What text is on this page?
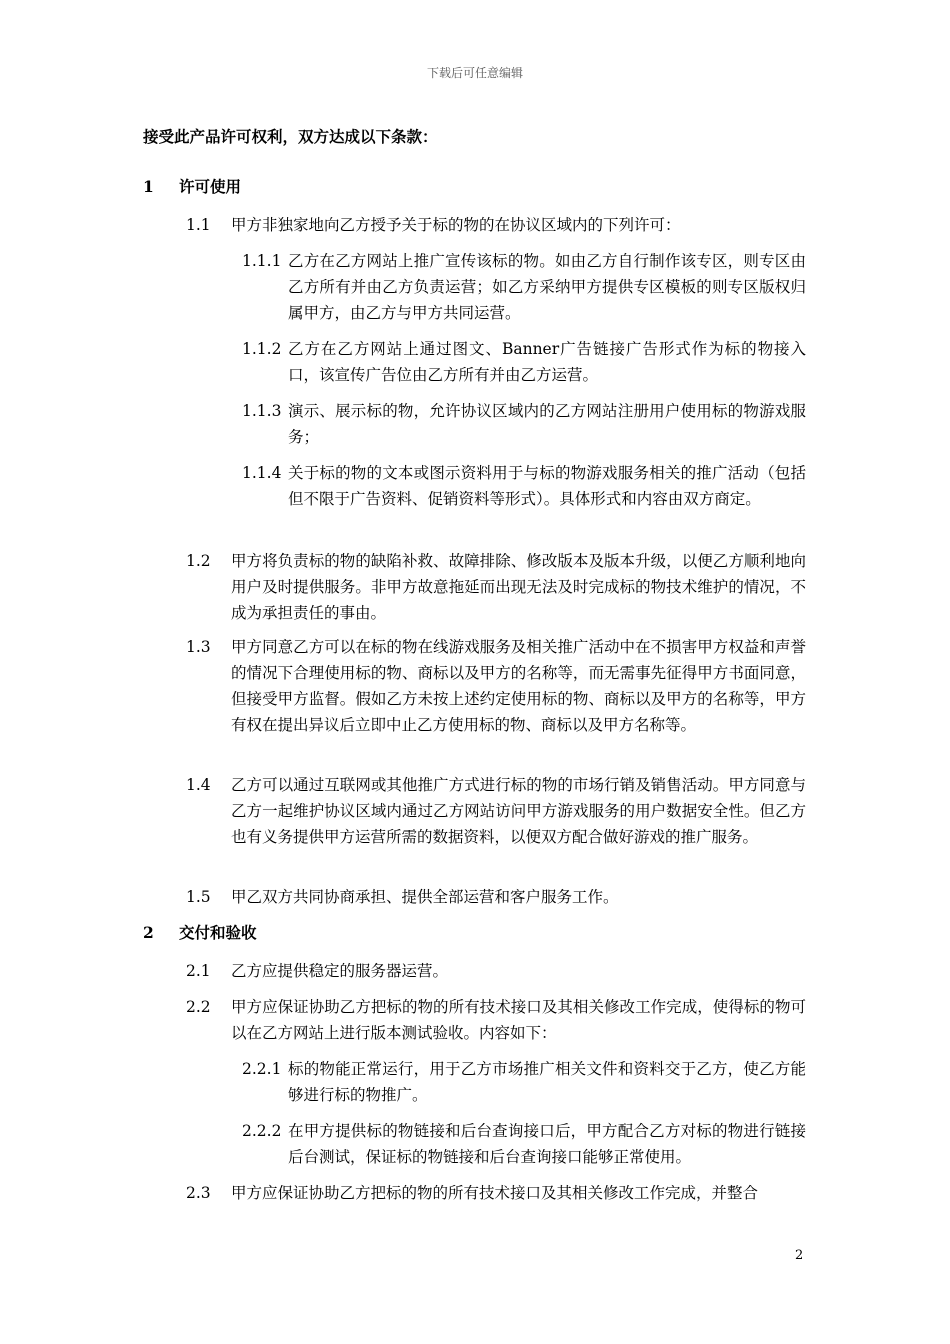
下载后可任意编辑
接受此产品许可权利，双方达成以下条款：
1	许可使用
1.1	甲方非独家地向乙方授予关于标的物的在协议区域内的下列许可：
1.1.1 乙方在乙方网站上推广宣传该标的物。如由乙方自行制作该专区，则专区由乙方所有并由乙方负责运营；如乙方采纳甲方提供专区模板的则专区版权归属甲方，由乙方与甲方共同运营。
1.1.2 乙方在乙方网站上通过图文、Banner广告链接广告形式作为标的物接入口，该宣传广告位由乙方所有并由乙方运营。
1.1.3 演示、展示标的物，允许协议区域内的乙方网站注册用户使用标的物游戏服务；
1.1.4 关于标的物的文本或图示资料用于与标的物游戏服务相关的推广活动（包括但不限于广告资料、促销资料等形式）。具体形式和内容由双方商定。
1.2	甲方将负责标的物的缺陷补救、故障排除、修改版本及版本升级，以便乙方顺利地向用户及时提供服务。非甲方故意拖延而出现无法及时完成标的物技术维护的情况，不成为承担责任的事由。
1.3	甲方同意乙方可以在标的物在线游戏服务及相关推广活动中在不损害甲方权益和声誉的情况下合理使用标的物、商标以及甲方的名称等，而无需事先征得甲方书面同意，但接受甲方监督。假如乙方未按上述约定使用标的物、商标以及甲方的名称等，甲方有权在提出异议后立即中止乙方使用标的物、商标以及甲方名称等。
1.4	乙方可以通过互联网或其他推广方式进行标的物的市场行销及销售活动。甲方同意与乙方一起维护协议区域内通过乙方网站访问甲方游戏服务的用户数据安全性。但乙方也有义务提供甲方运营所需的数据资料，以便双方配合做好游戏的推广服务。
1.5	甲乙双方共同协商承担、提供全部运营和客户服务工作。
2	交付和验收
2.1	乙方应提供稳定的服务器运营。
2.2	甲方应保证协助乙方把标的物的所有技术接口及其相关修改工作完成，使得标的物可以在乙方网站上进行版本测试验收。内容如下：
2.2.1 标的物能正常运行，用于乙方市场推广相关文件和资料交于乙方，使乙方能够进行标的物推广。
2.2.2 在甲方提供标的物链接和后台查询接口后，甲方配合乙方对标的物进行链接后台测试，保证标的物链接和后台查询接口能够正常使用。
2.3	甲方应保证协助乙方把标的物的所有技术接口及其相关修改工作完成，并整合
2
